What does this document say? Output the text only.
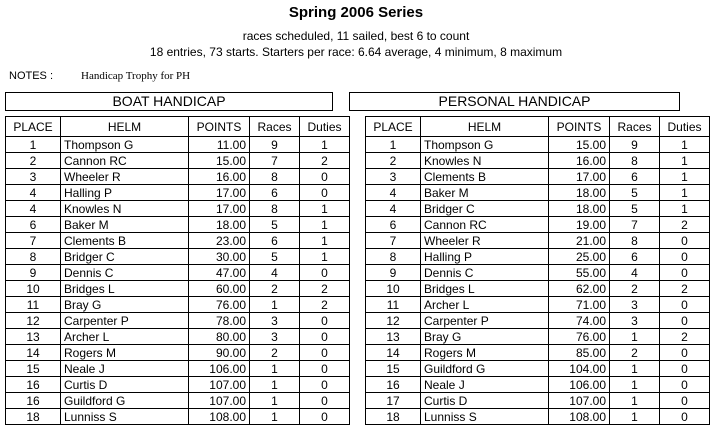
Spring 2006 Series
races scheduled, 11 sailed, best 6 to count
18 entries, 73 starts. Starters per race: 6.64 average, 4 minimum, 8 maximum
NOTES :	Handicap Trophy for PH
BOAT HANDICAP	PERSONAL HANDICAP
PLACE	HELM	POINTS	Races	Duties
1	Thompson G	11.00	9	1
2	Cannon RC	15.00	7	2
3	Wheeler R	16.00	8	0
4	Halling P	17.00	6	0
4	Knowles N	17.00	8	1
6	Baker M	18.00	5	1
7	Clements B	23.00	6	1
8	Bridger C	30.00	5	1
9	Dennis C	47.00	4	0
10	Bridges L	60.00	2	2
11	Bray G	76.00	1	2
12	Carpenter P	78.00	3	0
13	Archer L	80.00	3	0
14	Rogers M	90.00	2	0
15	Neale J	106.00	1	0
16	Curtis D	107.00	1	0
16	Guildford G	107.00	1	0
18	Lunniss S	108.00	1	0
PLACE	HELM	POINTS	Races	Duties
1	Thompson G	15.00	9	1
2	Knowles N	16.00	8	1
3	Clements B	17.00	6	1
4	Baker M	18.00	5	1
4	Bridger C	18.00	5	1
6	Cannon RC	19.00	7	2
7	Wheeler R	21.00	8	0
8	Halling P	25.00	6	0
9	Dennis C	55.00	4	0
10	Bridges L	62.00	2	2
11	Archer L	71.00	3	0
12	Carpenter P	74.00	3	0
13	Bray G	76.00	1	2
14	Rogers M	85.00	2	0
15	Guildford G	104.00	1	0
16	Neale J	106.00	1	0
17	Curtis D	107.00	1	0
18	Lunniss S	108.00	1	0
